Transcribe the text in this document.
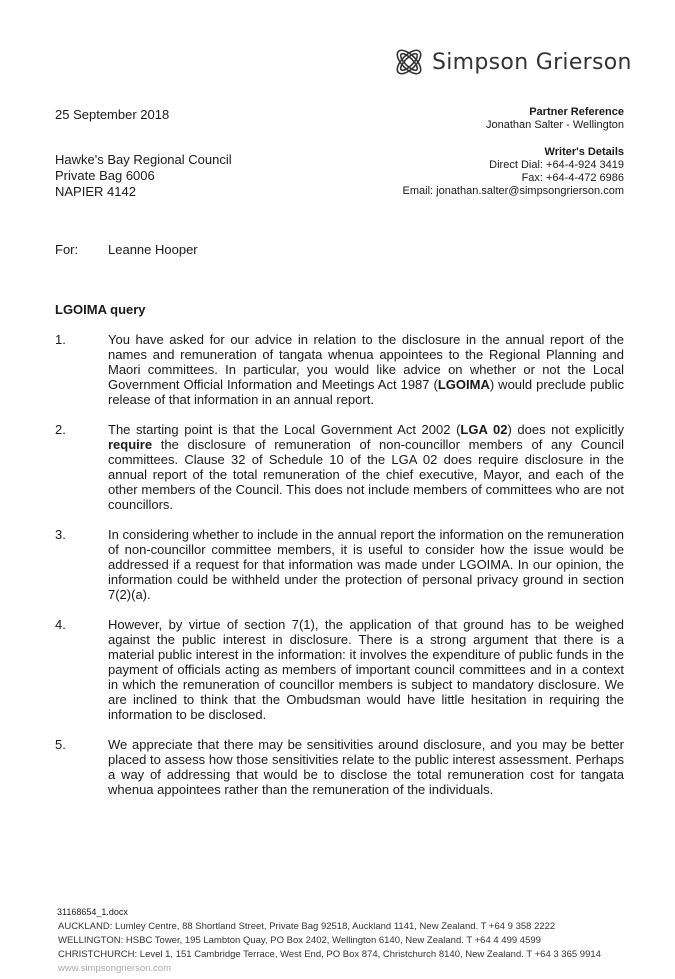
Simpson Grierson
25 September 2018	Partner Reference
Jonathan Salter - Wellington
Writer's Details
Direct Dial: +64-4-924 3419
Fax: +64-4-472 6986
Email: jonathan.salter@simpsongrierson.com
Hawke's Bay Regional Council
Private Bag 6006
NAPIER 4142
For: Leanne Hooper
LGOIMA query
1.	You have asked for our advice in relation to the disclosure in the annual report of the names and remuneration of tangata whenua appointees to the Regional Planning and Maori committees. In particular, you would like advice on whether or not the Local Government Official Information and Meetings Act 1987 (LGOIMA) would preclude public release of that information in an annual report.
2.	The starting point is that the Local Government Act 2002 (LGA 02) does not explicitly require the disclosure of remuneration of non-councillor members of any Council committees. Clause 32 of Schedule 10 of the LGA 02 does require disclosure in the annual report of the total remuneration of the chief executive, Mayor, and each of the other members of the Council. This does not include members of committees who are not councillors.
3.	In considering whether to include in the annual report the information on the remuneration of non-councillor committee members, it is useful to consider how the issue would be addressed if a request for that information was made under LGOIMA. In our opinion, the information could be withheld under the protection of personal privacy ground in section 7(2)(a).
4.	However, by virtue of section 7(1), the application of that ground has to be weighed against the public interest in disclosure. There is a strong argument that there is a material public interest in the information: it involves the expenditure of public funds in the payment of officials acting as members of important council committees and in a context in which the remuneration of councillor members is subject to mandatory disclosure. We are inclined to think that the Ombudsman would have little hesitation in requiring the information to be disclosed.
5.	We appreciate that there may be sensitivities around disclosure, and you may be better placed to assess how those sensitivities relate to the public interest assessment. Perhaps a way of addressing that would be to disclose the total remuneration cost for tangata whenua appointees rather than the remuneration of the individuals.
31168654_1.docx
AUCKLAND: Lumley Centre, 88 Shortland Street, Private Bag 92518, Auckland 1141, New Zealand. T +64 9 358 2222
WELLINGTON: HSBC Tower, 195 Lambton Quay, PO Box 2402, Wellington 6140, New Zealand. T +64 4 499 4599
CHRISTCHURCH: Level 1, 151 Cambridge Terrace, West End, PO Box 874, Christchurch 8140, New Zealand. T +64 3 365 9914
www.simpsongrierson.com
